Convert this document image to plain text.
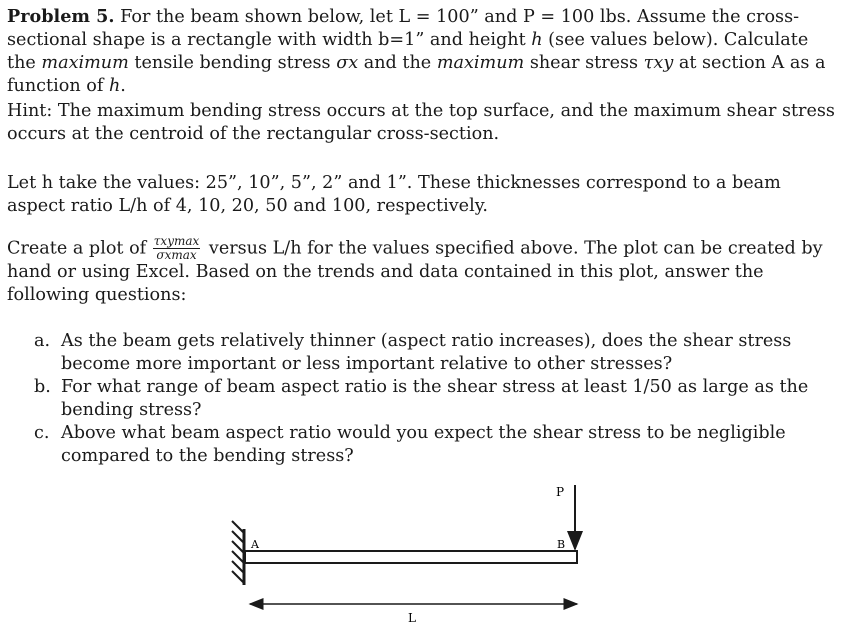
Problem 5. For the beam shown below, let L = 100” and P = 100 lbs. Assume the cross-sectional shape is a rectangle with width b=1” and height h (see values below). Calculate the maximum tensile bending stress σx and the maximum shear stress τxy at section A as a function of h.

Hint: The maximum bending stress occurs at the top surface, and the maximum shear stress occurs at the centroid of the rectangular cross-section.

Let h take the values: 25”, 10”, 5”, 2” and 1”. These thicknesses correspond to a beam aspect ratio L/h of 4, 10, 20, 50 and 100, respectively.

Create a plot of $\frac{\text{τxymax}}{\sigma xmax}$ versus L/h for the values specified above. The plot can be created by hand or using Excel. Based on the trends and data contained in this plot, answer the following questions:

a. As the beam gets relatively thinner (aspect ratio increases), does the shear stress become more important or less important relative to other stresses?
b. For what range of beam aspect ratio is the shear stress at least 1/50 as large as the bending stress?
c. Above what beam aspect ratio would you expect the shear stress to be negligible compared to the bending stress?
P
A	B
L
